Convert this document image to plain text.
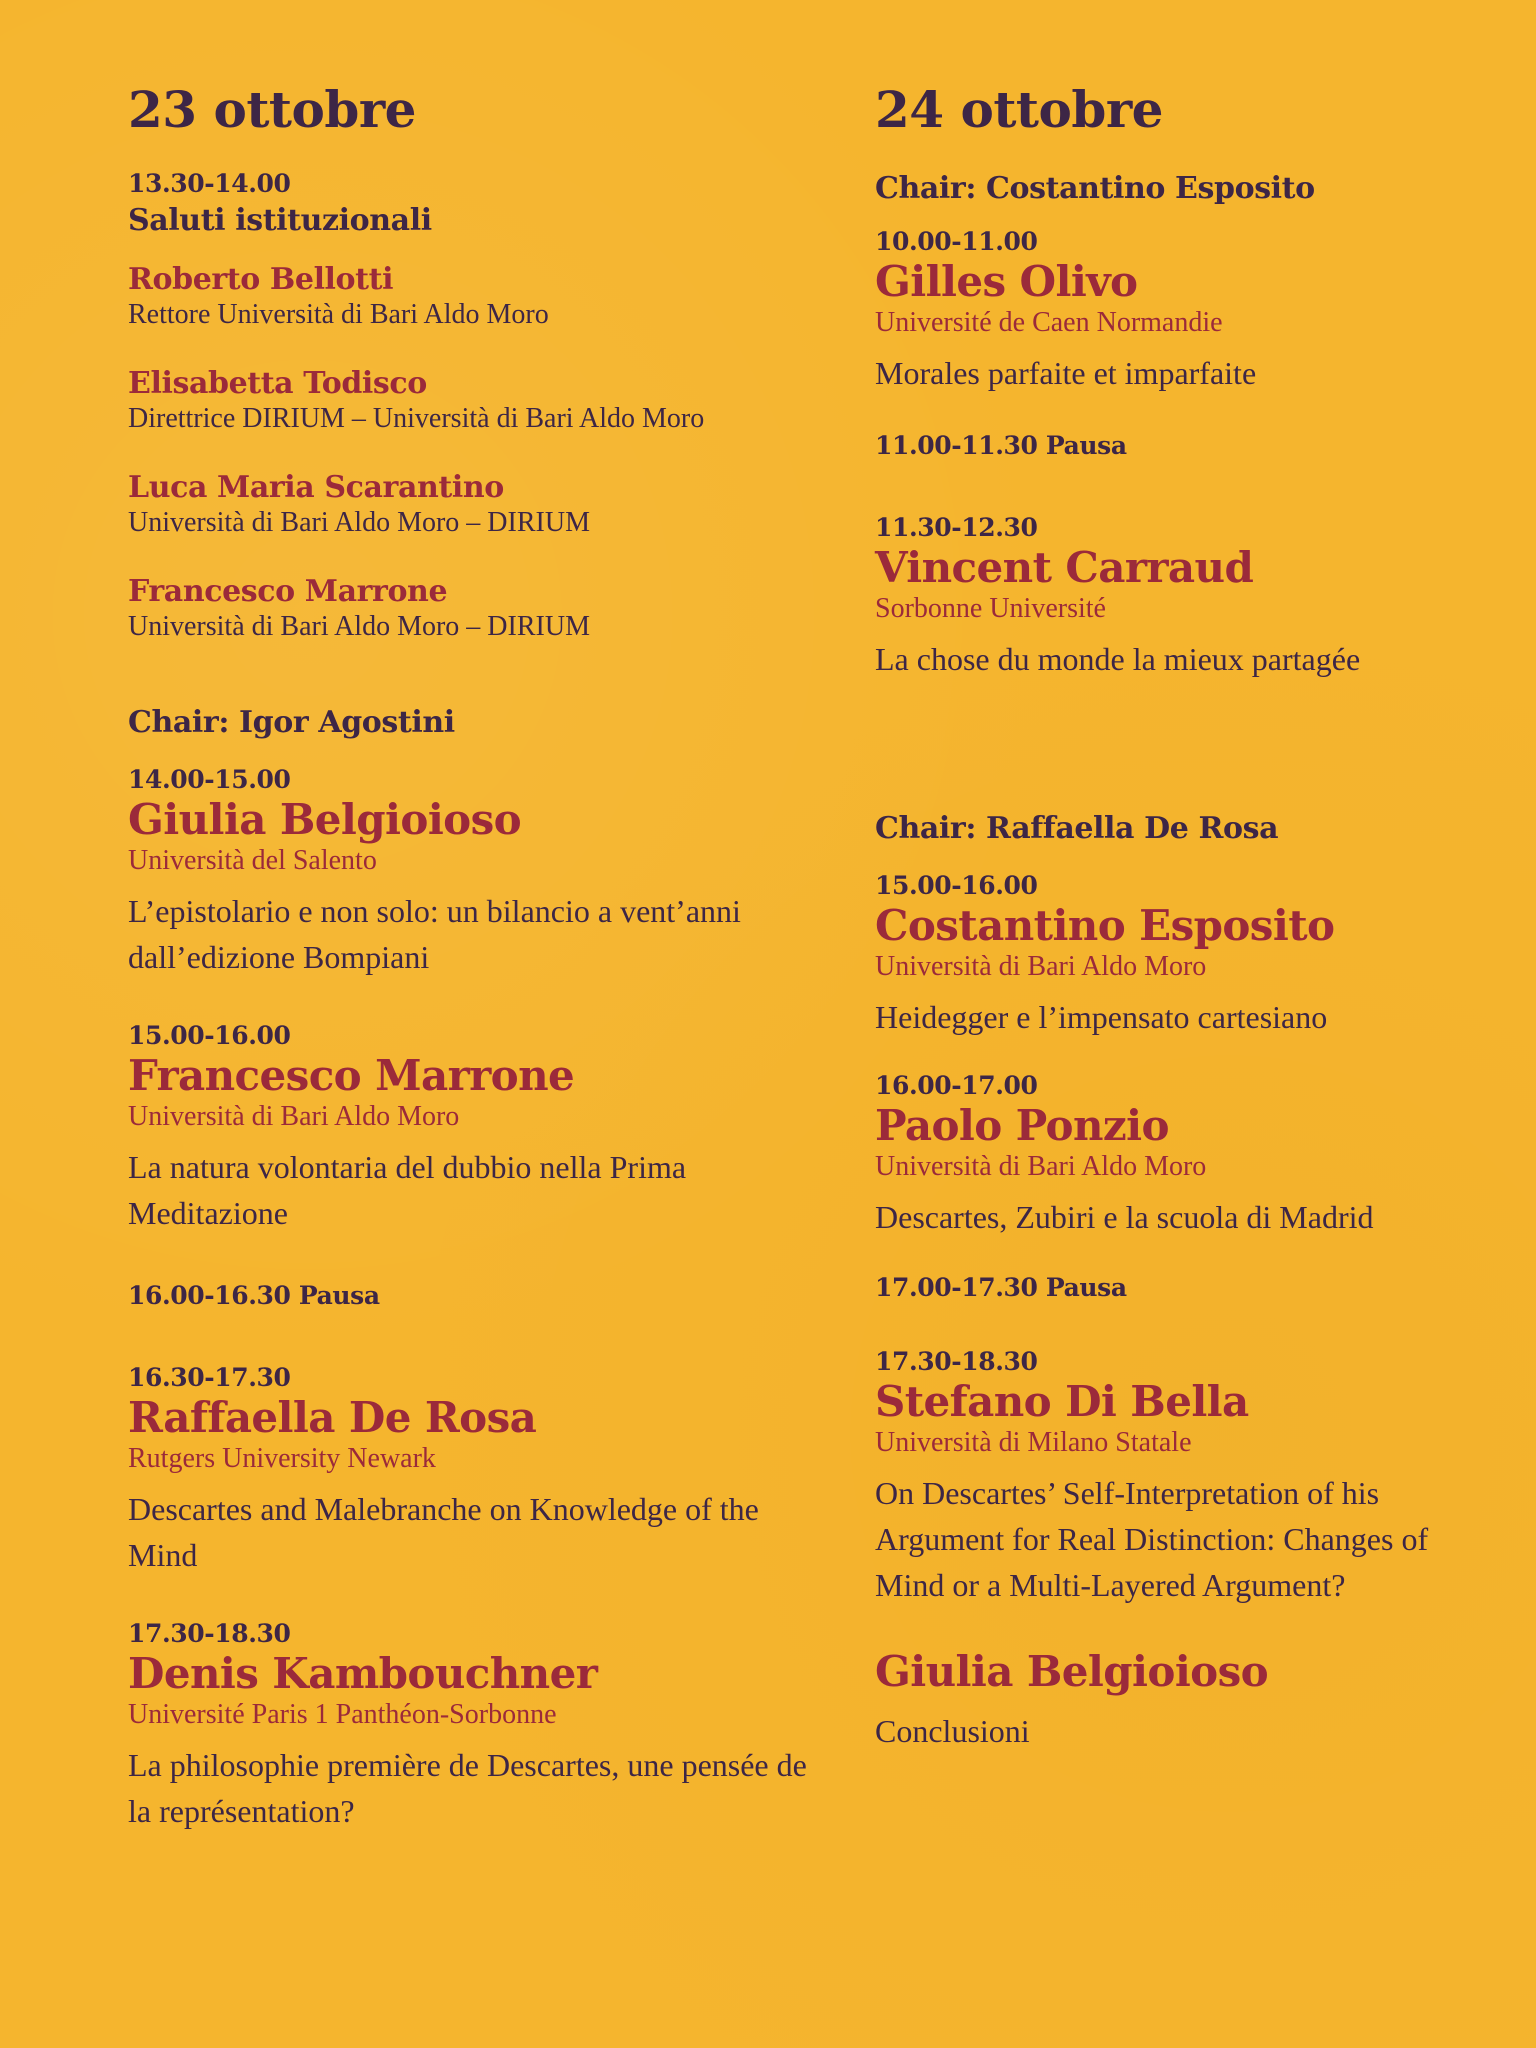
23 ottobre
13.30-14.00
Saluti istituzionali
Roberto Bellotti
Rettore Università di Bari Aldo Moro
Elisabetta Todisco
Direttrice DIRIUM – Università di Bari Aldo Moro
Luca Maria Scarantino
Università di Bari Aldo Moro – DIRIUM
Francesco Marrone
Università di Bari Aldo Moro – DIRIUM
Chair: Igor Agostini
14.00-15.00
Giulia Belgioioso
Università del Salento
L’epistolario e non solo: un bilancio a vent’anni dall’edizione Bompiani
15.00-16.00
Francesco Marrone
Università di Bari Aldo Moro
La natura volontaria del dubbio nella Prima Meditazione
16.00-16.30 Pausa
16.30-17.30
Raffaella De Rosa
Rutgers University Newark
Descartes and Malebranche on Knowledge of the Mind
17.30-18.30
Denis Kambouchner
Université Paris 1 Panthéon-Sorbonne
La philosophie première de Descartes, une pensée de la représentation?
24 ottobre
Chair: Costantino Esposito
10.00-11.00
Gilles Olivo
Université de Caen Normandie
Morales parfaite et imparfaite
11.00-11.30 Pausa
11.30-12.30
Vincent Carraud
Sorbonne Université
La chose du monde la mieux partagée
Chair: Raffaella De Rosa
15.00-16.00
Costantino Esposito
Università di Bari Aldo Moro
Heidegger e l’impensato cartesiano
16.00-17.00
Paolo Ponzio
Università di Bari Aldo Moro
Descartes, Zubiri e la scuola di Madrid
17.00-17.30 Pausa
17.30-18.30
Stefano Di Bella
Università di Milano Statale
On Descartes’ Self-Interpretation of his Argument for Real Distinction: Changes of Mind or a Multi-Layered Argument?
Giulia Belgioioso
Conclusioni
